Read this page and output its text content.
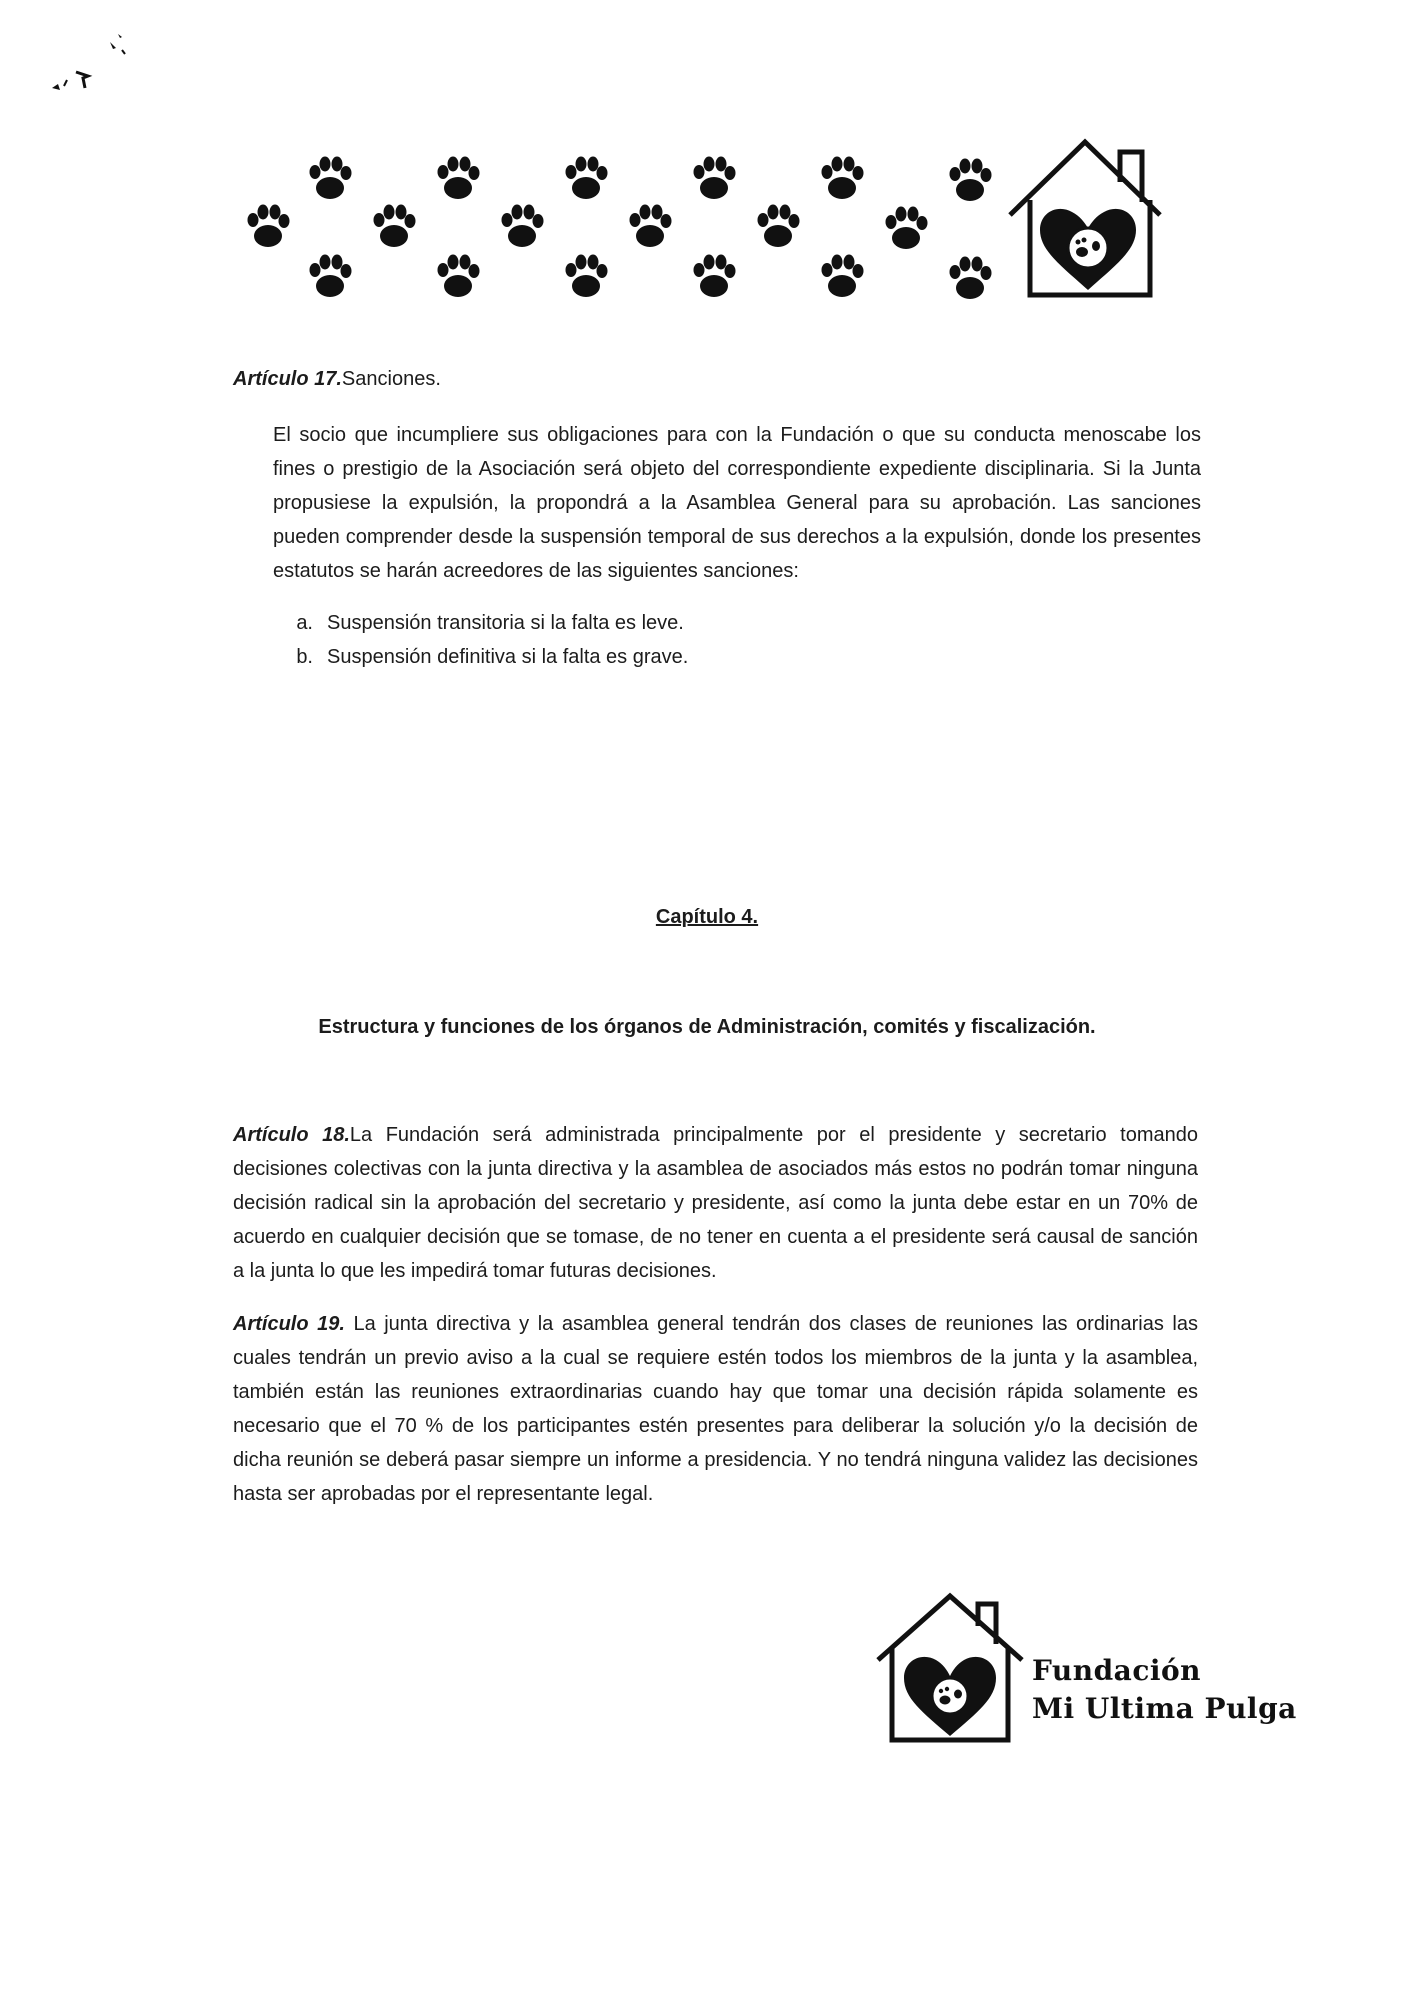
Artículo 17.Sanciones.

El socio que incumpliere sus obligaciones para con la Fundación o que su conducta menoscabe los fines o prestigio de la Asociación será objeto del correspondiente expediente disciplinaria. Si la Junta propusiese la expulsión, la propondrá a la Asamblea General para su aprobación. Las sanciones pueden comprender desde la suspensión temporal de sus derechos a la expulsión, donde los presentes estatutos se harán acreedores de las siguientes sanciones:

a. Suspensión transitoria si la falta es leve.
b. Suspensión definitiva si la falta es grave.
Capítulo 4.
Estructura y funciones de los órganos de Administración, comités y fiscalización.

Artículo 18.La Fundación será administrada principalmente por el presidente y secretario tomando decisiones colectivas con la junta directiva y la asamblea de asociados más estos no podrán tomar ninguna decisión radical sin la aprobación del secretario y presidente, así como la junta debe estar en un 70% de acuerdo en cualquier decisión que se tomase, de no tener en cuenta a el presidente será causal de sanción a la junta lo que les impedirá tomar futuras decisiones.

Artículo 19. La junta directiva y la asamblea general tendrán dos clases de reuniones las ordinarias las cuales tendrán un previo aviso a la cual se requiere estén todos los miembros de la junta y la asamblea, también están las reuniones extraordinarias cuando hay que tomar una decisión rápida solamente es necesario que el 70 % de los participantes estén presentes para deliberar la solución y/o la decisión de dicha reunión se deberá pasar siempre un informe a presidencia. Y no tendrá ninguna validez las decisiones hasta ser aprobadas por el representante legal.

Fundación
Mi Ultima Pulga
